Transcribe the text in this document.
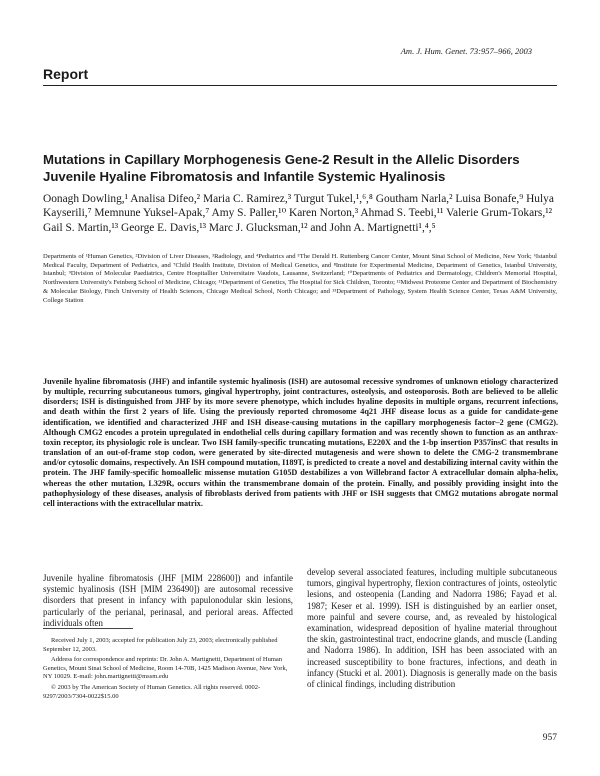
Am. J. Hum. Genet. 73:957–966, 2003
Report
Mutations in Capillary Morphogenesis Gene-2 Result in the Allelic Disorders Juvenile Hyaline Fibromatosis and Infantile Systemic Hyalinosis
Oonagh Dowling,¹ Analisa Difeo,² Maria C. Ramirez,³ Turgut Tukel,¹,⁶,⁸ Goutham Narla,² Luisa Bonafe,⁹ Hulya Kayserili,⁷ Memnune Yuksel-Apak,⁷ Amy S. Paller,¹⁰ Karen Norton,³ Ahmad S. Teebi,¹¹ Valerie Grum-Tokars,¹² Gail S. Martin,¹³ George E. Davis,¹³ Marc J. Glucksman,¹² and John A. Martignetti¹,⁴,⁵
Departments of ¹Human Genetics, ²Division of Liver Diseases, ³Radiology, and ⁴Pediatrics and ⁵The Derald H. Ruttenberg Cancer Center, Mount Sinai School of Medicine, New York; ⁶Istanbul Medical Faculty, Department of Pediatrics, and ⁷Child Health Institute, Division of Medical Genetics, and ⁸Institute for Experimental Medicine, Department of Genetics, Istanbul University, Istanbul; ⁹Division of Molecular Paediatrics, Centre Hospitallier Universitaire Vaudois, Lausanne, Switzerland; ¹⁰Departments of Pediatrics and Dermatology, Children's Memorial Hospital, Northwestern University's Feinberg School of Medicine, Chicago; ¹¹Department of Genetics, The Hospital for Sick Children, Toronto; ¹²Midwest Proteome Center and Department of Biochemistry & Molecular Biology, Finch University of Health Sciences, Chicago Medical School, North Chicago; and ¹³Department of Pathology, System Health Science Center, Texas A&M University, College Station
Juvenile hyaline fibromatosis (JHF) and infantile systemic hyalinosis (ISH) are autosomal recessive syndromes of unknown etiology characterized by multiple, recurring subcutaneous tumors, gingival hypertrophy, joint contractures, osteolysis, and osteoporosis. Both are believed to be allelic disorders; ISH is distinguished from JHF by its more severe phenotype, which includes hyaline deposits in multiple organs, recurrent infections, and death within the first 2 years of life. Using the previously reported chromosome 4q21 JHF disease locus as a guide for candidate-gene identification, we identified and characterized JHF and ISH disease-causing mutations in the capillary morphogenesis factor–2 gene (CMG2). Although CMG2 encodes a protein upregulated in endothelial cells during capillary formation and was recently shown to function as an anthrax-toxin receptor, its physiologic role is unclear. Two ISH family-specific truncating mutations, E220X and the 1-bp insertion P357insC that results in translation of an out-of-frame stop codon, were generated by site-directed mutagenesis and were shown to delete the CMG-2 transmembrane and/or cytosolic domains, respectively. An ISH compound mutation, I189T, is predicted to create a novel and destabilizing internal cavity within the protein. The JHF family-specific homoallelic missense mutation G105D destabilizes a von Willebrand factor A extracellular domain alpha-helix, whereas the other mutation, L329R, occurs within the transmembrane domain of the protein. Finally, and possibly providing insight into the pathophysiology of these diseases, analysis of fibroblasts derived from patients with JHF or ISH suggests that CMG2 mutations abrogate normal cell interactions with the extracellular matrix.
Juvenile hyaline fibromatosis (JHF [MIM 228600]) and infantile systemic hyalinosis (ISH [MIM 236490]) are autosomal recessive disorders that present in infancy with papulonodular skin lesions, particularly of the perianal, perinasal, and perioral areas. Affected individuals often
develop several associated features, including multiple subcutaneous tumors, gingival hypertrophy, flexion contractures of joints, osteolytic lesions, and osteopenia (Landing and Nadorra 1986; Fayad et al. 1987; Keser et al. 1999). ISH is distinguished by an earlier onset, more painful and severe course, and, as revealed by histological examination, widespread deposition of hyaline material throughout the skin, gastrointestinal tract, endocrine glands, and muscle (Landing and Nadorra 1986). In addition, ISH has been associated with an increased susceptibility to bone fractures, infections, and death in infancy (Stucki et al. 2001). Diagnosis is generally made on the basis of clinical findings, including distribution

Received July 1, 2003; accepted for publication July 23, 2003; electronically published September 12, 2003.

Address for correspondence and reprints: Dr. John A. Martignetti, Department of Human Genetics, Mount Sinai School of Medicine, Room 14-70B, 1425 Madison Avenue, New York, NY 10029. E-mail: john.martignetti@mssm.edu

© 2003 by The American Society of Human Genetics. All rights reserved. 0002-9297/2003/7304-0022$15.00

957
